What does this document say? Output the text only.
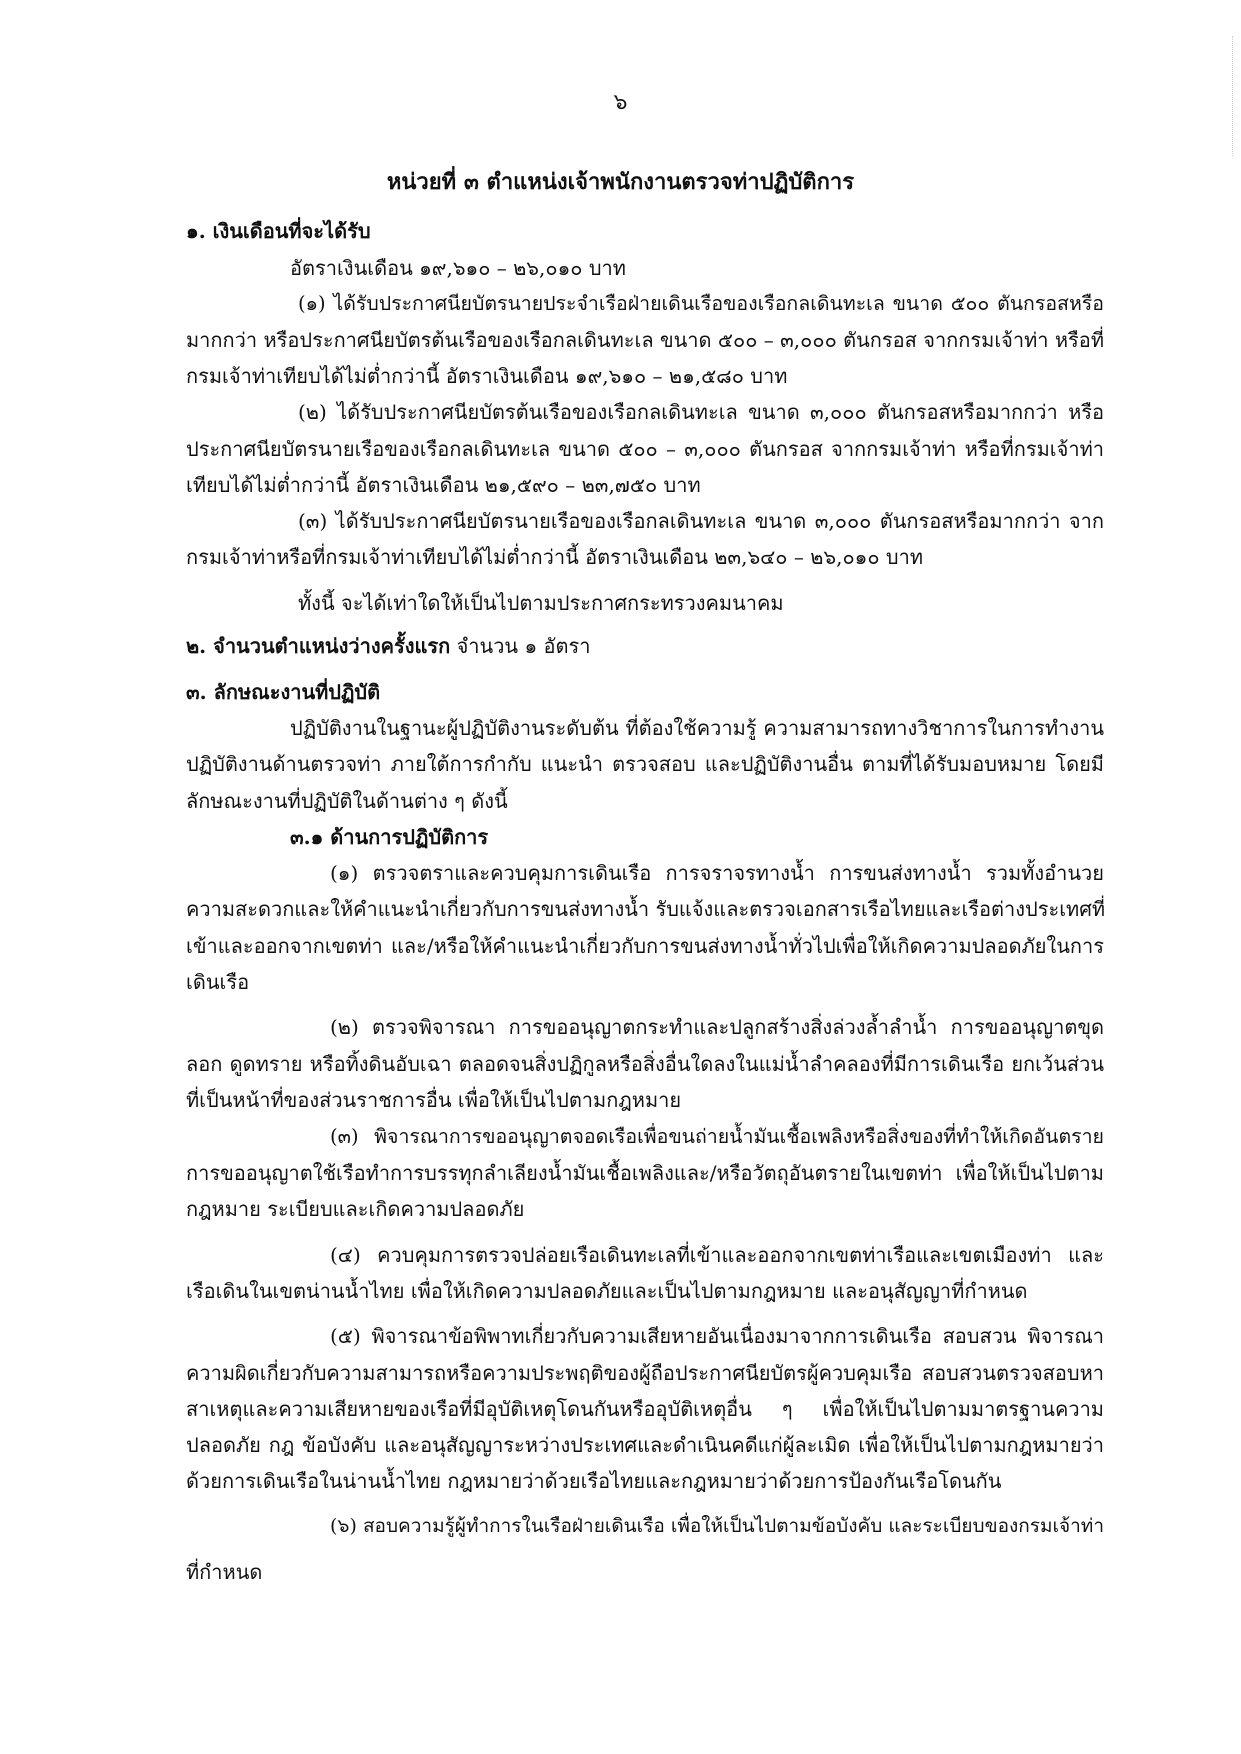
๖
หน่วยที่ ๓ ตำแหน่งเจ้าพนักงานตรวจท่าปฏิบัติการ
๑. เงินเดือนที่จะได้รับ
อัตราเงินเดือน ๑๙,๖๑๐ – ๒๖,๐๑๐ บาท
(๑) ได้รับประกาศนียบัตรนายประจำเรือฝ่ายเดินเรือของเรือกลเดินทะเล ขนาด ๕๐๐ ตันกรอสหรือ
มากกว่า หรือประกาศนียบัตรต้นเรือของเรือกลเดินทะเล ขนาด ๕๐๐ – ๓,๐๐๐ ตันกรอส จากกรมเจ้าท่า หรือที่
กรมเจ้าท่าเทียบได้ไม่ต่ำกว่านี้ อัตราเงินเดือน ๑๙,๖๑๐ – ๒๑,๕๘๐ บาท
(๒) ได้รับประกาศนียบัตรต้นเรือของเรือกลเดินทะเล ขนาด ๓,๐๐๐ ตันกรอสหรือมากกว่า หรือ
ประกาศนียบัตรนายเรือของเรือกลเดินทะเล ขนาด ๕๐๐ – ๓,๐๐๐ ตันกรอส จากกรมเจ้าท่า หรือที่กรมเจ้าท่า
เทียบได้ไม่ต่ำกว่านี้ อัตราเงินเดือน ๒๑,๕๙๐ – ๒๓,๗๕๐ บาท
(๓) ได้รับประกาศนียบัตรนายเรือของเรือกลเดินทะเล ขนาด ๓,๐๐๐ ตันกรอสหรือมากกว่า จาก
กรมเจ้าท่าหรือที่กรมเจ้าท่าเทียบได้ไม่ต่ำกว่านี้ อัตราเงินเดือน ๒๓,๖๔๐ – ๒๖,๐๑๐ บาท
ทั้งนี้ จะได้เท่าใดให้เป็นไปตามประกาศกระทรวงคมนาคม
๒. จำนวนตำแหน่งว่างครั้งแรก จำนวน ๑ อัตรา
๓. ลักษณะงานที่ปฏิบัติ
ปฏิบัติงานในฐานะผู้ปฏิบัติงานระดับต้น ที่ต้องใช้ความรู้ ความสามารถทางวิชาการในการทำงาน
ปฏิบัติงานด้านตรวจท่า ภายใต้การกำกับ แนะนำ ตรวจสอบ และปฏิบัติงานอื่น ตามที่ได้รับมอบหมาย โดยมี
ลักษณะงานที่ปฏิบัติในด้านต่าง ๆ ดังนี้
๓.๑ ด้านการปฏิบัติการ
(๑) ตรวจตราและควบคุมการเดินเรือ การจราจรทางน้ำ การขนส่งทางน้ำ รวมทั้งอำนวย
ความสะดวกและให้คำแนะนำเกี่ยวกับการขนส่งทางน้ำ รับแจ้งและตรวจเอกสารเรือไทยและเรือต่างประเทศที่
เข้าและออกจากเขตท่า และ/หรือให้คำแนะนำเกี่ยวกับการขนส่งทางน้ำทั่วไปเพื่อให้เกิดความปลอดภัยในการ
เดินเรือ
(๒) ตรวจพิจารณา การขออนุญาตกระทำและปลูกสร้างสิ่งล่วงล้ำลำน้ำ การขออนุญาตขุด
ลอก ดูดทราย หรือทิ้งดินอับเฉา ตลอดจนสิ่งปฏิกูลหรือสิ่งอื่นใดลงในแม่น้ำลำคลองที่มีการเดินเรือ ยกเว้นส่วน
ที่เป็นหน้าที่ของส่วนราชการอื่น เพื่อให้เป็นไปตามกฎหมาย
(๓) พิจารณาการขออนุญาตจอดเรือเพื่อขนถ่ายน้ำมันเชื้อเพลิงหรือสิ่งของที่ทำให้เกิดอันตราย
การขออนุญาตใช้เรือทำการบรรทุกลำเลียงน้ำมันเชื้อเพลิงและ/หรือวัตถุอันตรายในเขตท่า เพื่อให้เป็นไปตาม
กฎหมาย ระเบียบและเกิดความปลอดภัย
(๔) ควบคุมการตรวจปล่อยเรือเดินทะเลที่เข้าและออกจากเขตท่าเรือและเขตเมืองท่า และ
เรือเดินในเขตน่านน้ำไทย เพื่อให้เกิดความปลอดภัยและเป็นไปตามกฎหมาย และอนุสัญญาที่กำหนด
(๕) พิจารณาข้อพิพาทเกี่ยวกับความเสียหายอันเนื่องมาจากการเดินเรือ สอบสวน พิจารณา
ความผิดเกี่ยวกับความสามารถหรือความประพฤติของผู้ถือประกาศนียบัตรผู้ควบคุมเรือ สอบสวนตรวจสอบหา
สาเหตุและความเสียหายของเรือที่มีอุบัติเหตุโดนกันหรืออุบัติเหตุอื่น ๆ เพื่อให้เป็นไปตามมาตรฐานความ
ปลอดภัย กฎ ข้อบังคับ และอนุสัญญาระหว่างประเทศและดำเนินคดีแก่ผู้ละเมิด เพื่อให้เป็นไปตามกฎหมายว่า
ด้วยการเดินเรือในน่านน้ำไทย กฎหมายว่าด้วยเรือไทยและกฎหมายว่าด้วยการป้องกันเรือโดนกัน
(๖) สอบความรู้ผู้ทำการในเรือฝ่ายเดินเรือ เพื่อให้เป็นไปตามข้อบังคับ และระเบียบของกรมเจ้าท่า
ที่กำหนด
